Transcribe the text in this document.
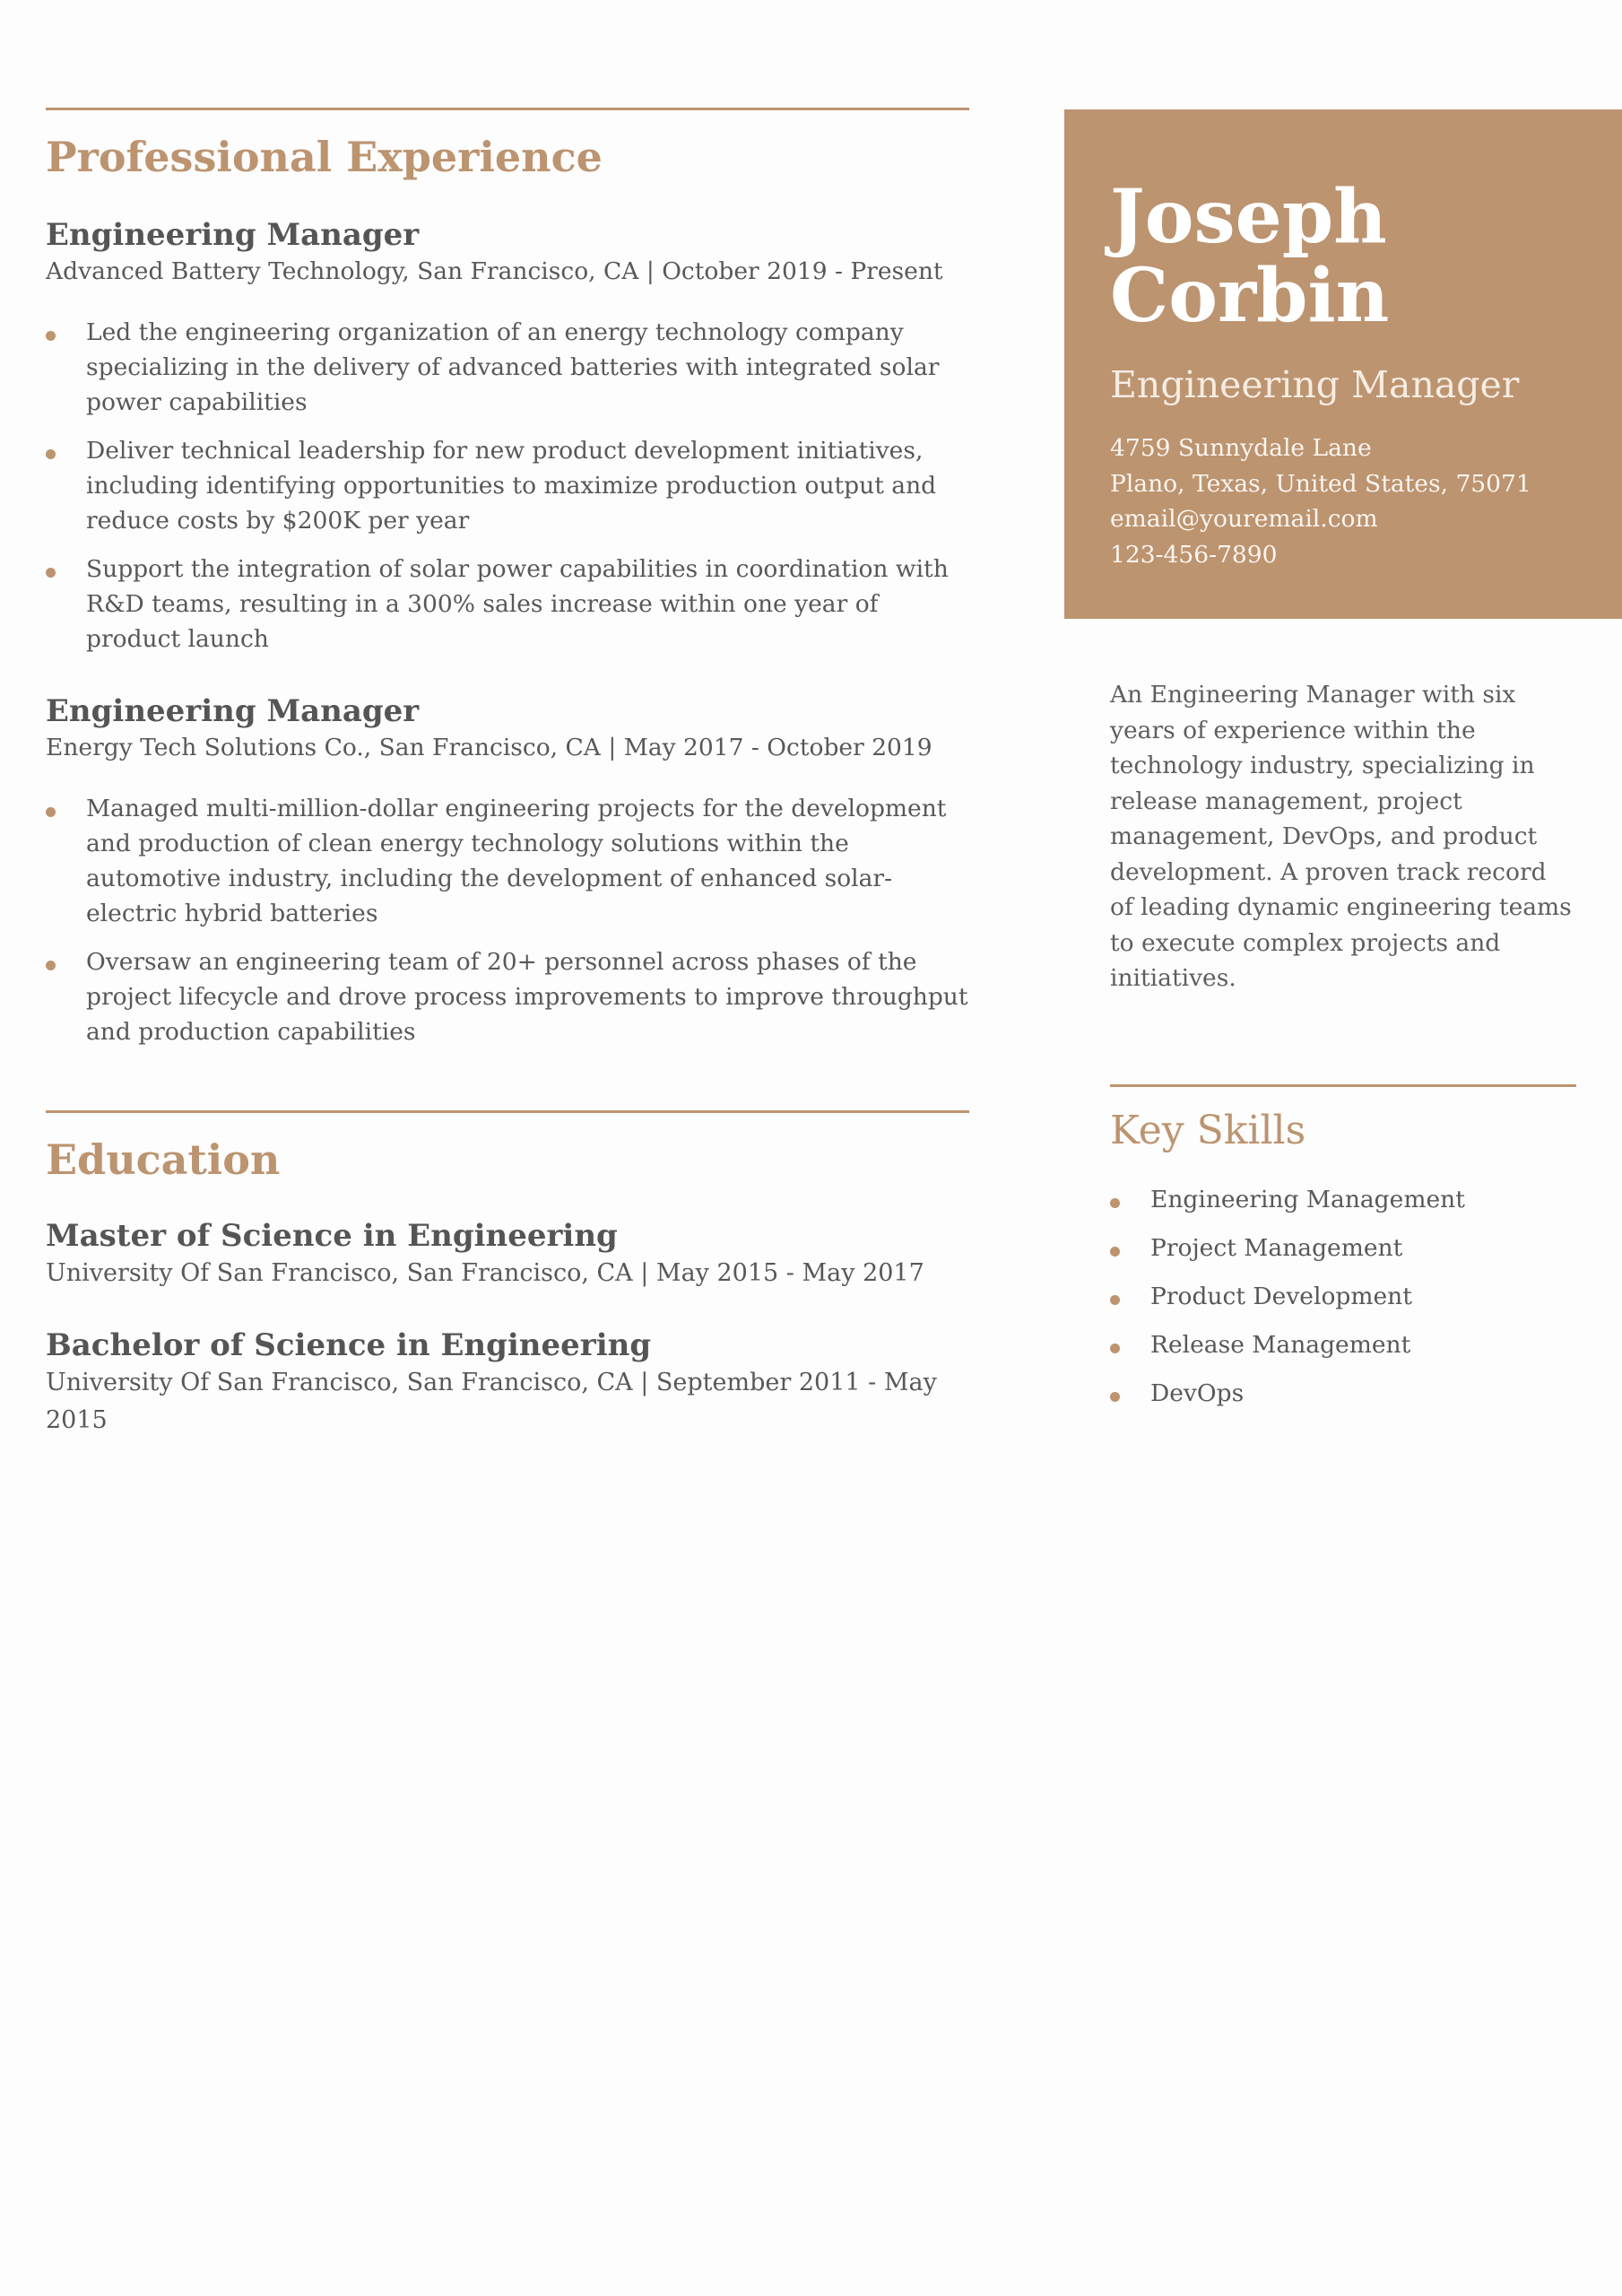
Professional Experience
Engineering Manager

Advanced Battery Technology, San Francisco, CA | October 2019 - Present

Led the engineering organization of an energy technology company specializing in the delivery of advanced batteries with integrated solar power capabilities
Deliver technical leadership for new product development initiatives, including identifying opportunities to maximize production output and reduce costs by $200K per year
Support the integration of solar power capabilities in coordination with R&D teams, resulting in a 300% sales increase within one year of product launch
Engineering Manager

Energy Tech Solutions Co., San Francisco, CA | May 2017 - October 2019

Managed multi-million-dollar engineering projects for the development and production of clean energy technology solutions within the automotive industry, including the development of enhanced solar-electric hybrid batteries
Oversaw an engineering team of 20+ personnel across phases of the project lifecycle and drove process improvements to improve throughput and production capabilities
Education
Master of Science in Engineering

University Of San Francisco, San Francisco, CA | May 2015 - May 2017

Bachelor of Science in Engineering

University Of San Francisco, San Francisco, CA | September 2011 - May 2015

Joseph
Corbin

Engineering Manager

4759 Sunnydale Lane
Plano, Texas, United States, 75071
email@youremail.com
123-456-7890

An Engineering Manager with six years of experience within the technology industry, specializing in release management, project management, DevOps, and product development. A proven track record of leading dynamic engineering teams to execute complex projects and initiatives.

Key Skills
Engineering Management
Project Management
Product Development
Release Management
DevOps
